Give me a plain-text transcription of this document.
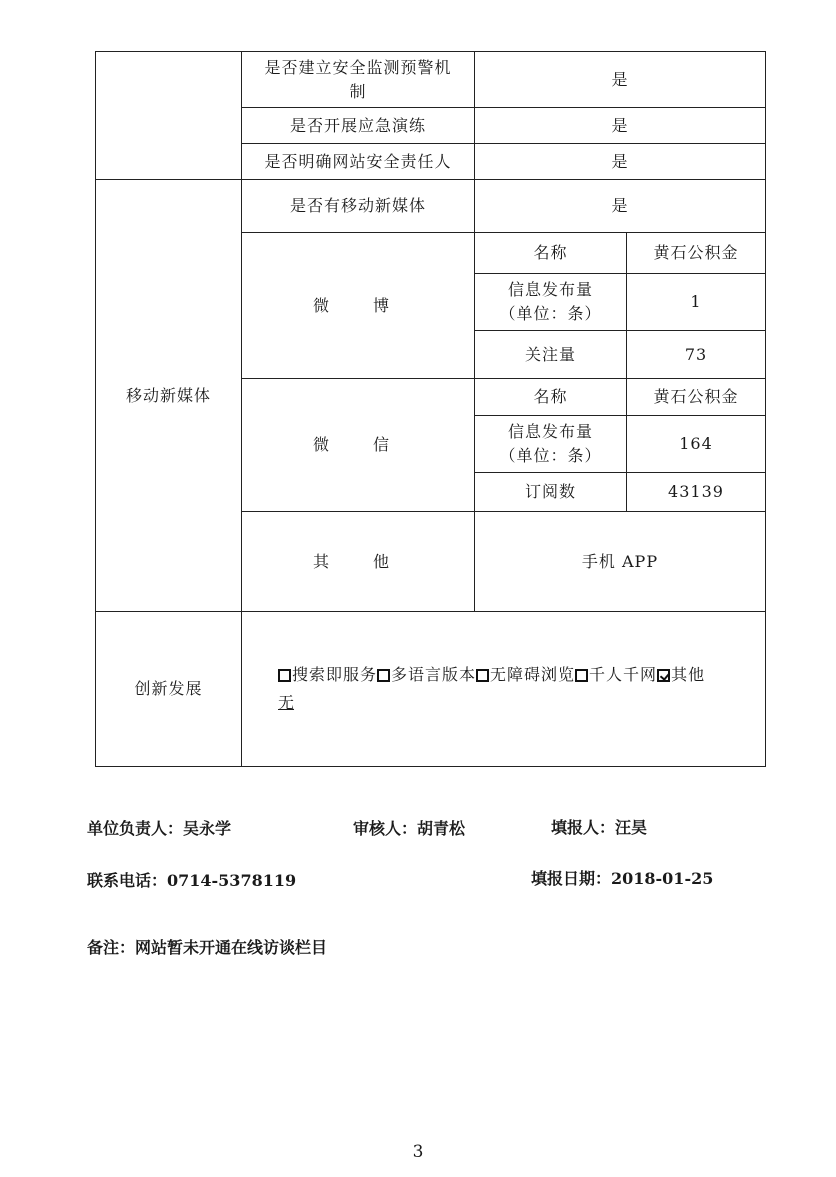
	是否建立安全监测预警机制	是	
	是否开展应急演练	是	
	是否明确网站安全责任人	是	
移动新媒体	是否有移动新媒体	是	
	微　博	名称	黄石公积金
		信息发布量（单位：条）	1
		关注量	73
	微　信	名称	黄石公积金
		信息发布量（单位：条）	164
		订阅数	43139
	其　他	手机 APP	
创新发展	搜索即服务 多语言版本 无障碍浏览 千人千网 其他
无		
单位负责人：吴永学	审核人：胡青松	填报人：汪昊
联系电话：0714-5378119	填报日期：2018-01-25
备注：网站暂未开通在线访谈栏目
3
